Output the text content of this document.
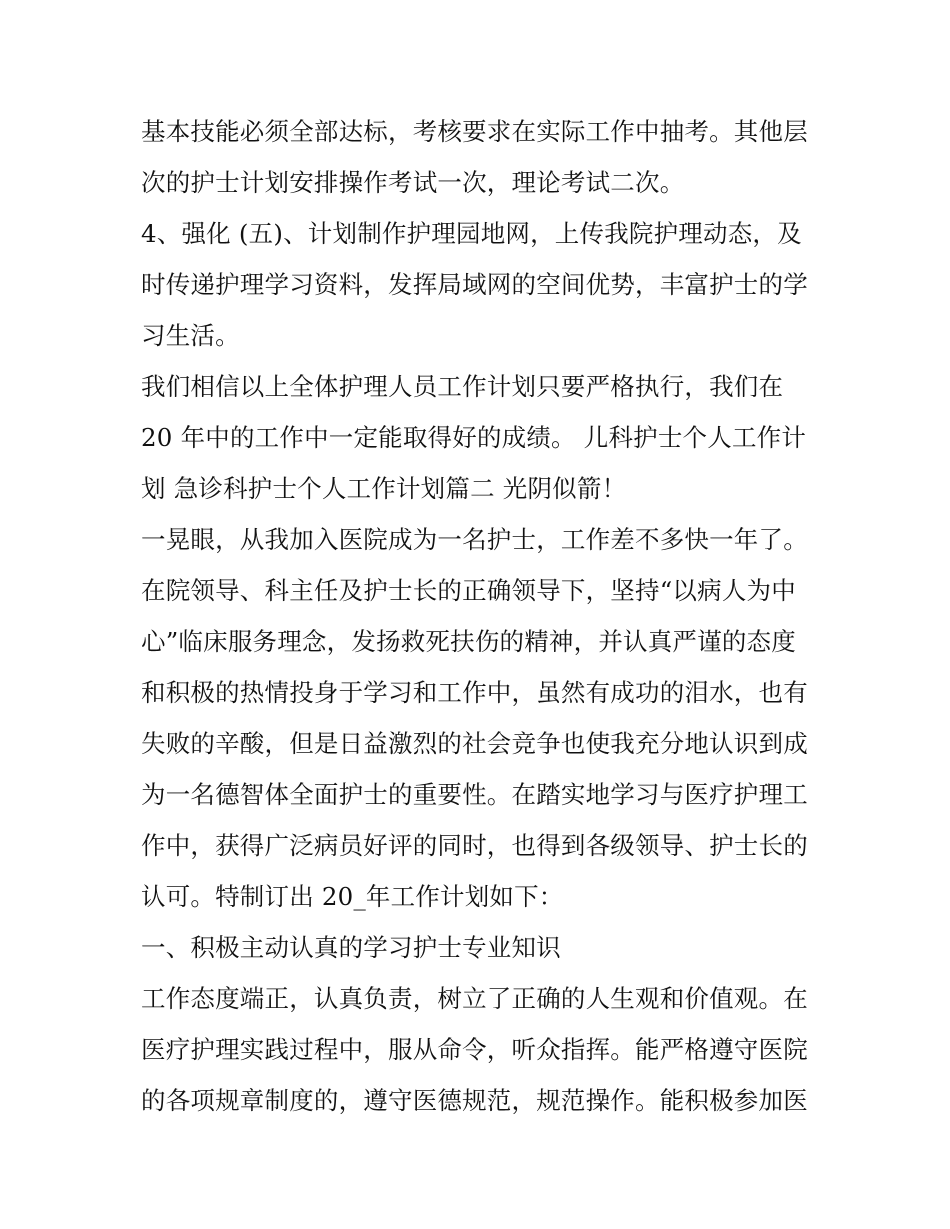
基本技能必须全部达标，考核要求在实际工作中抽考。其他层
次的护士计划安排操作考试一次，理论考试二次。
4、强化 (五)、计划制作护理园地网，上传我院护理动态，及
时传递护理学习资料，发挥局域网的空间优势，丰富护士的学
习生活。
我们相信以上全体护理人员工作计划只要严格执行，我们在
20 年中的工作中一定能取得好的成绩。 儿科护士个人工作计
划 急诊科护士个人工作计划篇二 光阴似箭！
一晃眼，从我加入医院成为一名护士，工作差不多快一年了。
在院领导、科主任及护士长的正确领导下，坚持“以病人为中
心”临床服务理念，发扬救死扶伤的精神，并认真严谨的态度
和积极的热情投身于学习和工作中，虽然有成功的泪水，也有
失败的辛酸，但是日益激烈的社会竞争也使我充分地认识到成
为一名德智体全面护士的重要性。在踏实地学习与医疗护理工
作中，获得广泛病员好评的同时，也得到各级领导、护士长的
认可。特制订出 20_年工作计划如下：
一、积极主动认真的学习护士专业知识
工作态度端正，认真负责，树立了正确的人生观和价值观。在
医疗护理实践过程中，服从命令，听众指挥。能严格遵守医院
的各项规章制度的，遵守医德规范，规范操作。能积极参加医
